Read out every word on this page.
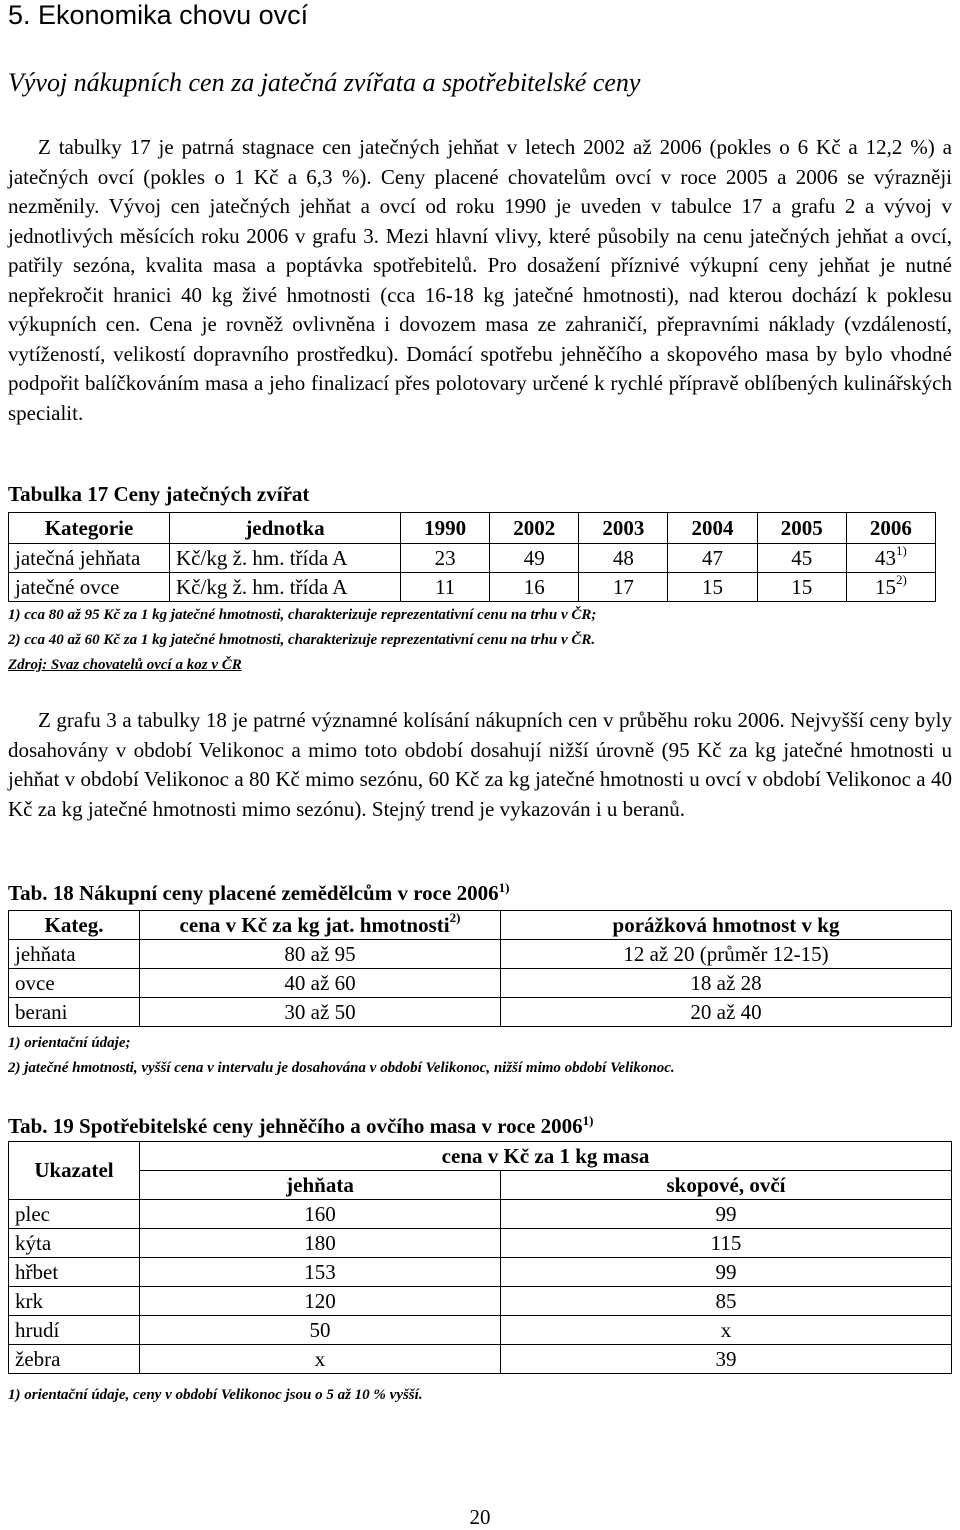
5. Ekonomika chovu ovcí
Vývoj nákupních cen za jatečná zvířata a spotřebitelské ceny
Z tabulky 17 je patrná stagnace cen jatečných jehňat v letech 2002 až 2006 (pokles o 6 Kč a 12,2 %) a jatečných ovcí (pokles o 1 Kč a 6,3 %). Ceny placené chovatelům ovcí v roce 2005 a 2006 se výrazněji nezměnily. Vývoj cen jatečných jehňat a ovcí od roku 1990 je uveden v tabulce 17 a grafu 2 a vývoj v jednotlivých měsících roku 2006 v grafu 3. Mezi hlavní vlivy, které působily na cenu jatečných jehňat a ovcí, patřily sezóna, kvalita masa a poptávka spotřebitelů. Pro dosažení příznivé výkupní ceny jehňat je nutné nepřekročit hranici 40 kg živé hmotnosti (cca 16-18 kg jatečné hmotnosti), nad kterou dochází k poklesu výkupních cen. Cena je rovněž ovlivněna i dovozem masa ze zahraničí, přepravními náklady (vzdáleností, vytížeností, velikostí dopravního prostředku). Domácí spotřebu jehněčího a skopového masa by bylo vhodné podpořit balíčkováním masa a jeho finalizací přes polotovary určené k rychlé přípravě oblíbených kulinářských specialit.
Tabulka 17 Ceny jatečných zvířat
Kategorie	jednotka	1990	2002	2003	2004	2005	2006
jatečná jehňata	Kč/kg ž. hm. třída A	23	49	48	47	45	43$^{1)}$
jatečné ovce	Kč/kg ž. hm. třída A	11	16	17	15	15	15$^{2)}$
1) cca 80 až 95 Kč za 1 kg jatečné hmotnosti, charakterizuje reprezentativní cenu na trhu v ČR;
2) cca 40 až 60 Kč za 1 kg jatečné hmotnosti, charakterizuje reprezentativní cenu na trhu v ČR.
Zdroj: Svaz chovatelů ovcí a koz v ČR
Z grafu 3 a tabulky 18 je patrné významné kolísání nákupních cen v průběhu roku 2006. Nejvyšší ceny byly dosahovány v období Velikonoc a mimo toto období dosahují nižší úrovně (95 Kč za kg jatečné hmotnosti u jehňat v období Velikonoc a 80 Kč mimo sezónu, 60 Kč za kg jatečné hmotnosti u ovcí v období Velikonoc a 40 Kč za kg jatečné hmotnosti mimo sezónu). Stejný trend je vykazován i u beranů.
Tab. 18 Nákupní ceny placené zemědělcům v roce 2006$^{1)}$
Kateg.	cena v Kč za kg jat. hmotnosti$^{2)}$	porážková hmotnost v kg
jehňata	80 až 95	12 až 20 (průměr 12-15)
ovce	40 až 60	18 až 28
berani	30 až 50	20 až 40
1) orientační údaje;
2) jatečné hmotnosti, vyšší cena v intervalu je dosahována v období Velikonoc, nižší mimo období Velikonoc.
Tab. 19 Spotřebitelské ceny jehněčího a ovčího masa v roce 2006$^{1)}$
Ukazatel	cena v Kč za 1 kg masa	
	jehňata	skopové, ovčí
plec	160	99
kýta	180	115
hřbet	153	99
krk	120	85
hrudí	50	x
žebra	x	39
1) orientační údaje, ceny v období Velikonoc jsou o 5 až 10 % vyšší.
20
